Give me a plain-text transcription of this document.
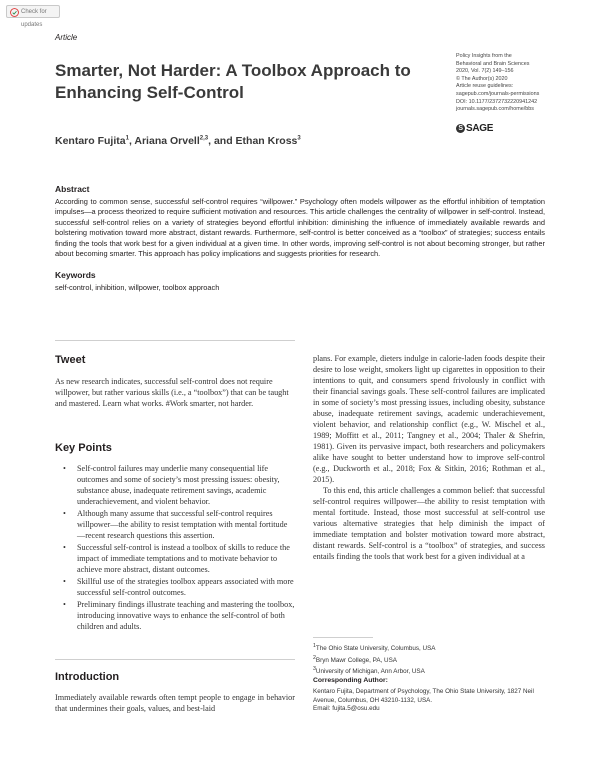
Check for updates
Article
Smarter, Not Harder: A Toolbox Approach to Enhancing Self-Control
Policy Insights from the
Behavioral and Brain Sciences
2020, Vol. 7(2) 149–156
© The Author(s) 2020
Article reuse guidelines:
sagepub.com/journals-permissions
DOI: 10.1177/2372732220941242
journals.sagepub.com/home/bbs
S SAGE
Kentaro Fujita$^1$, Ariana Orvell$^{2,3}$, and Ethan Kross$^3$
Abstract
According to common sense, successful self-control requires “willpower.” Psychology often models willpower as the effortful inhibition of temptation impulses—a process theorized to require sufficient motivation and resources. This article challenges the centrality of willpower in self-control. Instead, successful self-control relies on a variety of strategies beyond effortful inhibition: diminishing the influence of immediately available rewards and bolstering motivation toward more abstract, distant rewards. Furthermore, self-control is better conceived as a “toolbox” of strategies; success entails finding the tools that work best for a given individual at a given time. In other words, improving self-control is not about becoming stronger, but rather about becoming smarter. This approach has policy implications and suggests priorities for research.
Keywords
self-control, inhibition, willpower, toolbox approach
Tweet
As new research indicates, successful self-control does not require willpower, but rather various skills (i.e., a “toolbox”) that can be taught and mastered. Learn what works. #Work smarter, not harder.
Key Points
• Self-control failures may underlie many consequential life outcomes and some of society’s most pressing issues: obesity, substance abuse, inadequate retirement savings, academic underachievement, and violent behavior.
• Although many assume that successful self-control requires willpower—the ability to resist temptation with mental fortitude—recent research questions this assertion.
• Successful self-control is instead a toolbox of skills to reduce the impact of immediate temptations and to motivate behavior to achieve more abstract, distant outcomes.
• Skillful use of the strategies toolbox appears associated with more successful self-control outcomes.
• Preliminary findings illustrate teaching and mastering the toolbox, introducing innovative ways to enhance the self-control of both children and adults.
Introduction
Immediately available rewards often tempt people to engage in behavior that undermines their goals, values, and best-laid

plans. For example, dieters indulge in calorie-laden foods despite their desire to lose weight, smokers light up cigarettes in opposition to their intentions to quit, and consumers spend frivolously in conflict with their financial savings goals. These self-control failures are implicated in some of society’s most pressing issues, including obesity, substance abuse, inadequate retirement savings, academic underachievement, violent behavior, and relationship conflict (e.g., W. Mischel et al., 1989; Moffitt et al., 2011; Tangney et al., 2004; Thaler & Shefrin, 1981). Given its pervasive impact, both researchers and policymakers alike have sought to better understand how to improve self-control (e.g., Duckworth et al., 2018; Fox & Sitkin, 2016; Rothman et al., 2015).

To this end, this article challenges a common belief: that successful self-control requires willpower—the ability to resist temptation with mental fortitude. Instead, those most successful at self-control use various alternative strategies that help diminish the impact of immediate temptation and bolster motivation toward more abstract, distant rewards. Self-control is a “toolbox” of strategies, and success entails finding the tools that work best for a given individual at a

$^1$The Ohio State University, Columbus, USA
$^2$Bryn Mawr College, PA, USA
$^3$University of Michigan, Ann Arbor, USA
Corresponding Author:
Kentaro Fujita, Department of Psychology, The Ohio State University, 1827 Neil Avenue, Columbus, OH 43210-1132, USA.
Email: fujita.5@osu.edu
